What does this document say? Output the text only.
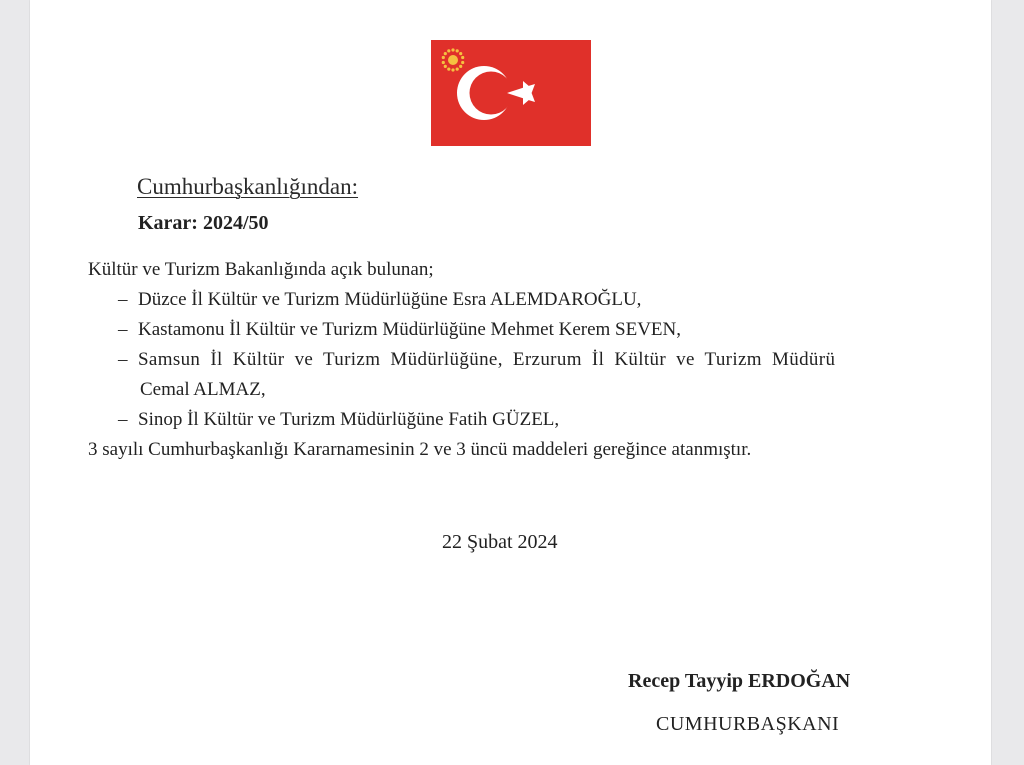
Cumhurbaşkanlığından:
Karar: 2024/50
Kültür ve Turizm Bakanlığında açık bulunan;
– Düzce İl Kültür ve Turizm Müdürlüğüne Esra ALEMDAROĞLU,
– Kastamonu İl Kültür ve Turizm Müdürlüğüne Mehmet Kerem SEVEN,
– Samsun İl Kültür ve Turizm Müdürlüğüne, Erzurum İl Kültür ve Turizm Müdürü
Cemal ALMAZ,
– Sinop İl Kültür ve Turizm Müdürlüğüne Fatih GÜZEL,
3 sayılı Cumhurbaşkanlığı Kararnamesinin 2 ve 3 üncü maddeleri gereğince atanmıştır.
22 Şubat 2024
Recep Tayyip ERDOĞAN
CUMHURBAŞKANI
